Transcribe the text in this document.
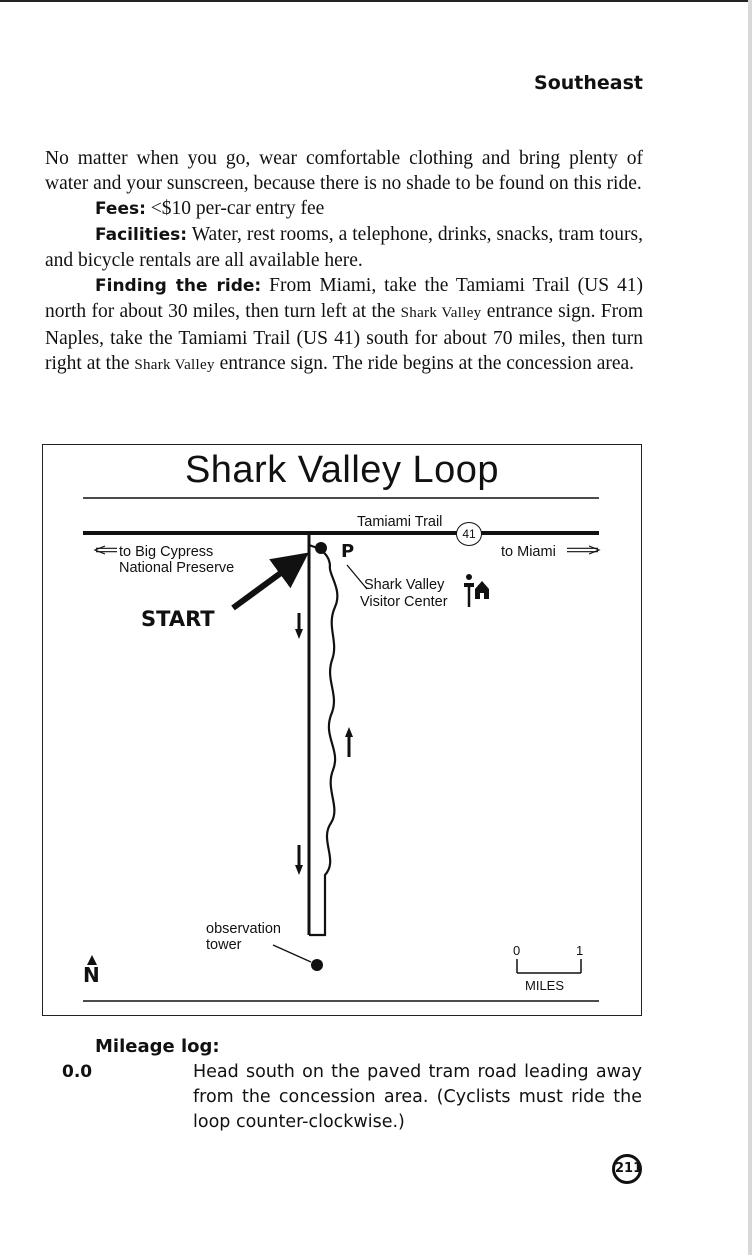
Southeast

No matter when you go, wear comfortable clothing and bring plenty of water and your sunscreen, because there is no shade to be found on this ride.

Fees: <$10 per-car entry fee

Facilities: Water, rest rooms, a telephone, drinks, snacks, tram tours, and bicycle rentals are all available here.

Finding the ride: From Miami, take the Tamiami Trail (US 41) north for about 30 miles, then turn left at the Shark Valley entrance sign. From Naples, take the Tamiami Trail (US 41) south for about 70 miles, then turn right at the Shark Valley entrance sign. The ride begins at the concession area.

Shark Valley Loop
Tamiami Trail
41
to Big Cypress
National Preserve
to Miami
P
Shark Valley
Visitor Center
START
observation
tower
N
0	1
MILES
Mileage log:
0.0	Head south on the paved tram road leading away from the concession area. (Cyclists must ride the loop counter-clockwise.)
211
